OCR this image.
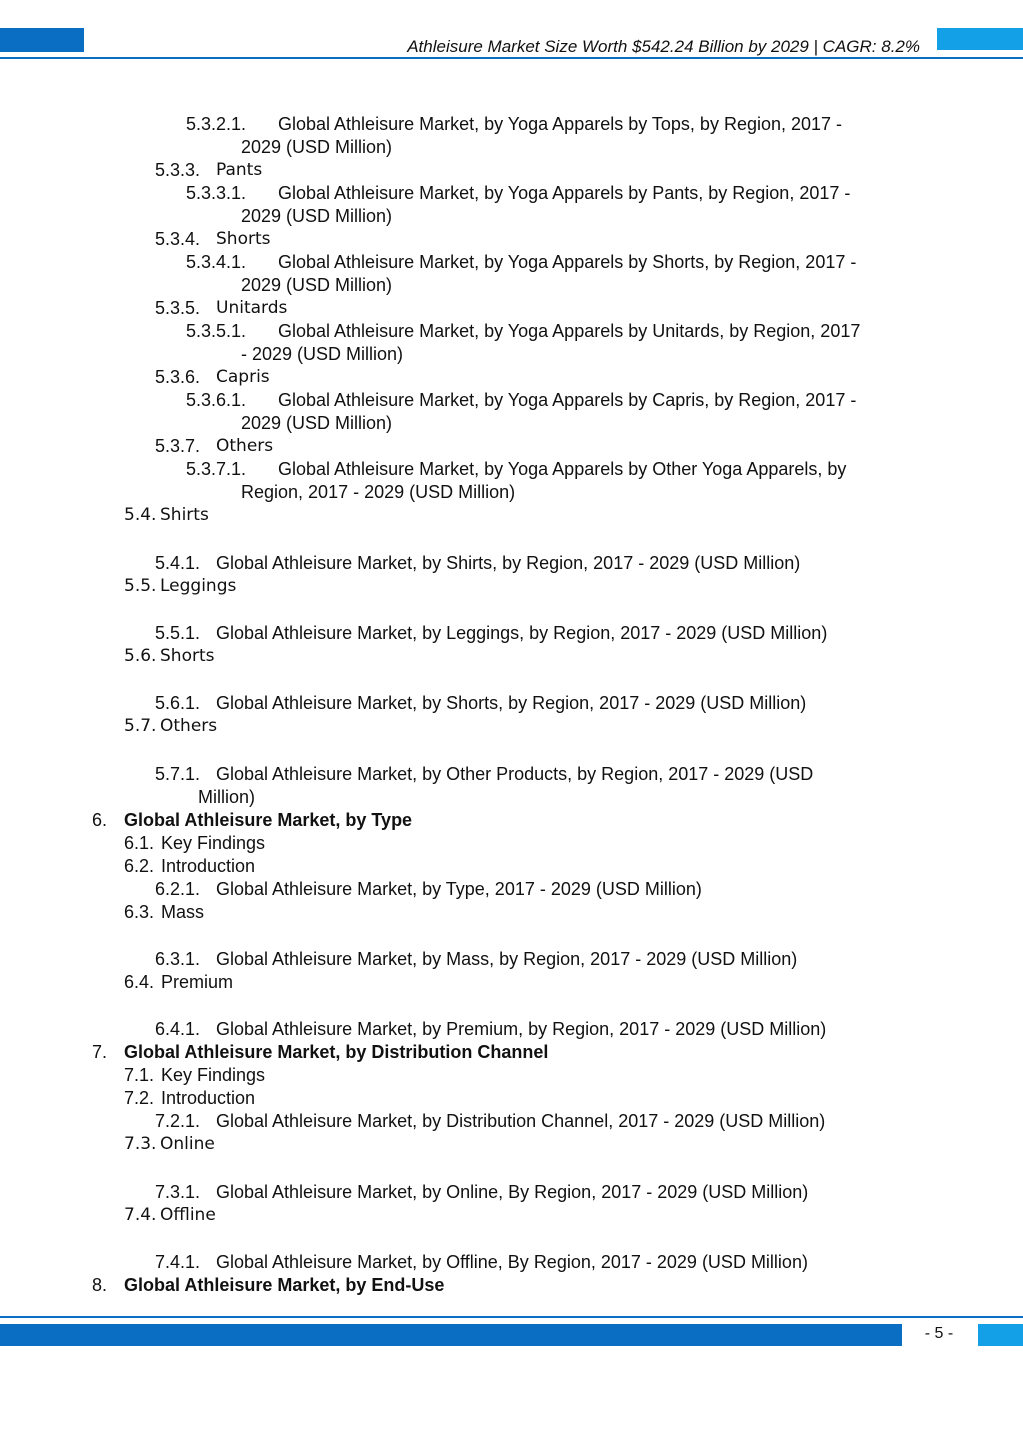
Athleisure Market Size Worth $542.24 Billion by 2029 | CAGR: 8.2%
5.3.2.1. Global Athleisure Market, by Yoga Apparels by Tops, by Region, 2017 -
2029 (USD Million)
5.3.3. Pants
5.3.3.1. Global Athleisure Market, by Yoga Apparels by Pants, by Region, 2017 -
2029 (USD Million)
5.3.4. Shorts
5.3.4.1. Global Athleisure Market, by Yoga Apparels by Shorts, by Region, 2017 -
2029 (USD Million)
5.3.5. Unitards
5.3.5.1. Global Athleisure Market, by Yoga Apparels by Unitards, by Region, 2017
- 2029 (USD Million)
5.3.6. Capris
5.3.6.1. Global Athleisure Market, by Yoga Apparels by Capris, by Region, 2017 -
2029 (USD Million)
5.3.7. Others
5.3.7.1. Global Athleisure Market, by Yoga Apparels by Other Yoga Apparels, by
Region, 2017 - 2029 (USD Million)
5.4. Shirts
5.4.1. Global Athleisure Market, by Shirts, by Region, 2017 - 2029 (USD Million)
5.5. Leggings
5.5.1. Global Athleisure Market, by Leggings, by Region, 2017 - 2029 (USD Million)
5.6. Shorts
5.6.1. Global Athleisure Market, by Shorts, by Region, 2017 - 2029 (USD Million)
5.7. Others
5.7.1. Global Athleisure Market, by Other Products, by Region, 2017 - 2029 (USD
Million)
6. Global Athleisure Market, by Type
6.1. Key Findings
6.2. Introduction
6.2.1. Global Athleisure Market, by Type, 2017 - 2029 (USD Million)
6.3. Mass
6.3.1. Global Athleisure Market, by Mass, by Region, 2017 - 2029 (USD Million)
6.4. Premium
6.4.1. Global Athleisure Market, by Premium, by Region, 2017 - 2029 (USD Million)
7. Global Athleisure Market, by Distribution Channel
7.1. Key Findings
7.2. Introduction
7.2.1. Global Athleisure Market, by Distribution Channel, 2017 - 2029 (USD Million)
7.3. Online
7.3.1. Global Athleisure Market, by Online, By Region, 2017 - 2029 (USD Million)
7.4. Offline
7.4.1. Global Athleisure Market, by Offline, By Region, 2017 - 2029 (USD Million)
8. Global Athleisure Market, by End-Use
- 5 -
